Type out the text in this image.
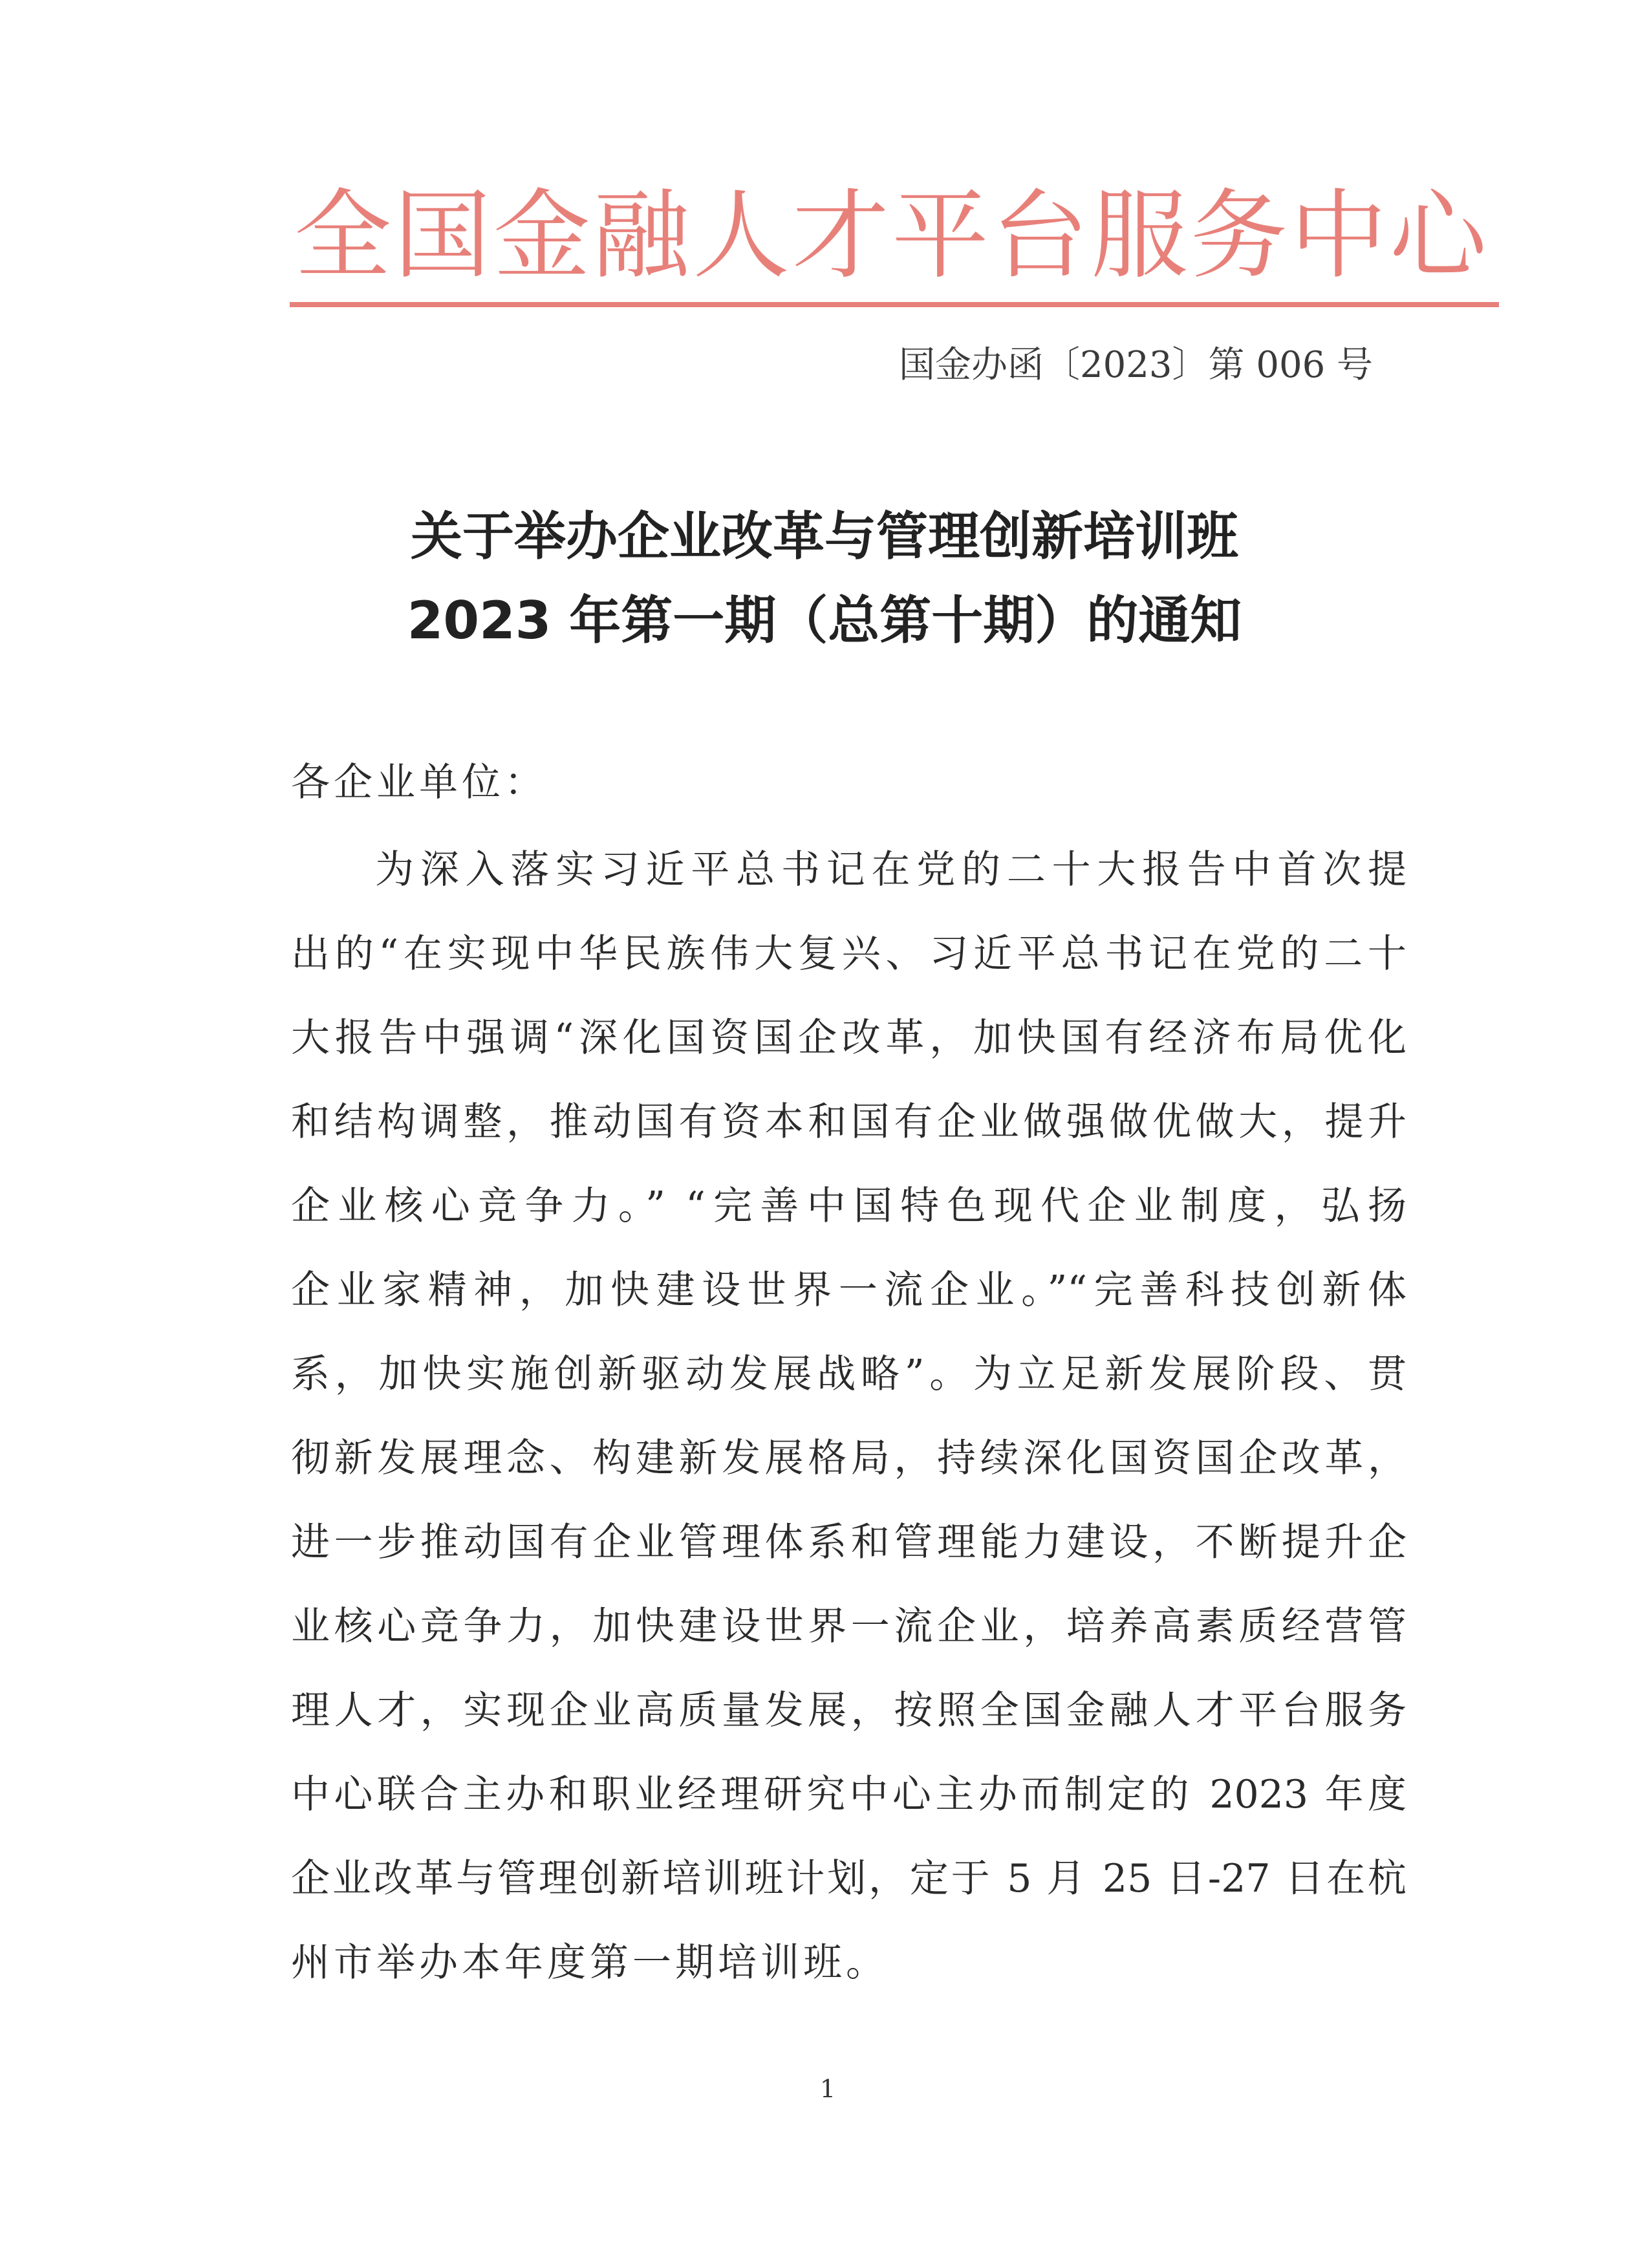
全国金融人才平台服务中心
国金办函〔2023〕第 006 号
关于举办企业改革与管理创新培训班
2023 年第一期（总第十期）的通知
各企业单位：
为深入落实习近平总书记在党的二十大报告中首次提
出的“在实现中华民族伟大复兴、习近平总书记在党的二十
大报告中强调“深化国资国企改革，加快国有经济布局优化
和结构调整，推动国有资本和国有企业做强做优做大，提升
企业核心竞争力。” “完善中国特色现代企业制度，弘扬
企业家精神，加快建设世界一流企业。”“完善科技创新体
系，加快实施创新驱动发展战略”。为立足新发展阶段、贯
彻新发展理念、构建新发展格局，持续深化国资国企改革，
进一步推动国有企业管理体系和管理能力建设，不断提升企
业核心竞争力，加快建设世界一流企业，培养高素质经营管
理人才，实现企业高质量发展，按照全国金融人才平台服务
中心联合主办和职业经理研究中心主办而制定的 2023 年度
企业改革与管理创新培训班计划，定于 5 月 25 日-27 日在杭
州市举办本年度第一期培训班。
1
